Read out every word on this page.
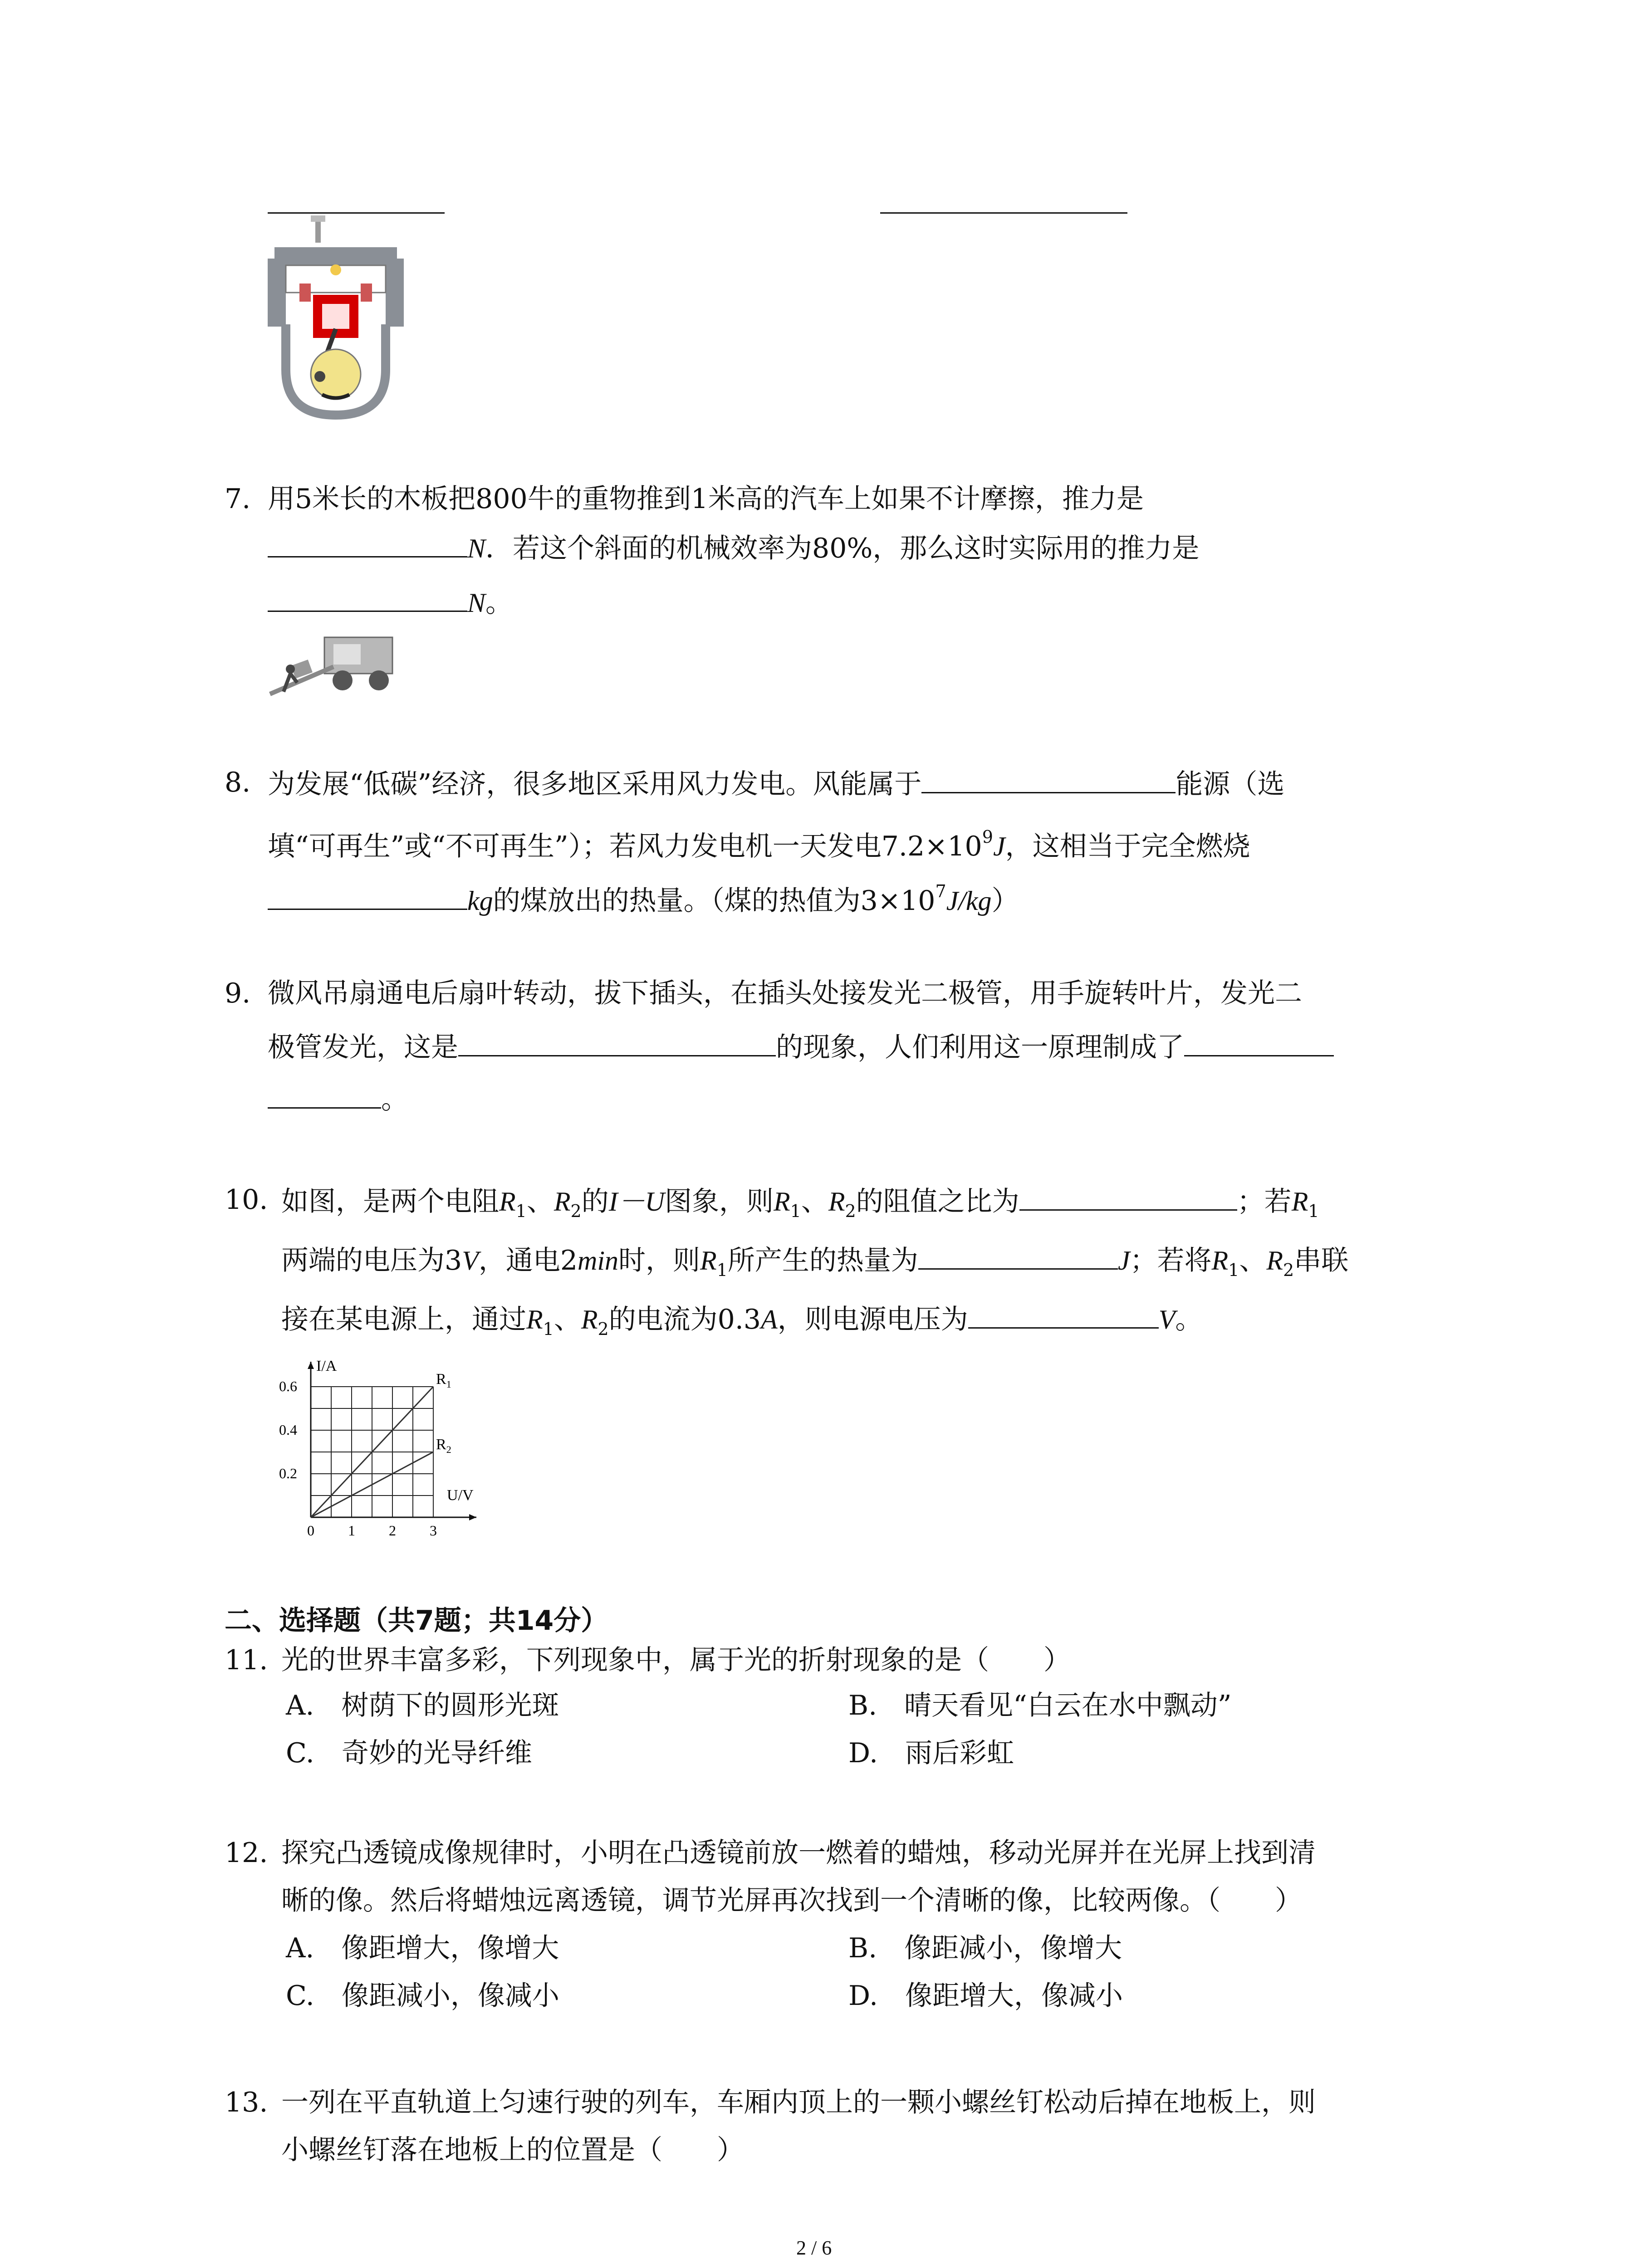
7. 用5米长的木板把800牛的重物推到1米高的汽车上如果不计摩擦，推力是
N．若这个斜面的机械效率为80%，那么这时实际用的推力是
N。
8. 为发展“低碳”经济，很多地区采用风力发电。风能属于	能源（选
填“可再生”或“不可再生”）；若风力发电机一天发电$7.2\times 10^9J$，这相当于完全燃烧
kg的煤放出的热量。（煤的热值为$3\times 10^7J/kg$）
9. 微风吊扇通电后扇叶转动，拔下插头，在插头处接发光二极管，用手旋转叶片，发光二
极管发光，这是	的现象，人们利用这一原理制成了
。
10. 如图，是两个电阻$R_1$、$R_2$的I－U图象，则$R_1$、$R_2$的阻值之比为	；若$R_1$
两端的电压为3V，通电2min时，则$R_1$所产生的热量为	J；若将$R_1$、$R_2$串联
接在某电源上，通过$R_1$、$R_2$的电流为0.3A，则电源电压为	V。
$R_1$
$R_2$
0 1 2 3
0.2
0.4
0.6
I/A
U/V
二、选择题（共7题；共14分）
11. 光的世界丰富多彩，下列现象中，属于光的折射现象的是（　　）
A.　树荫下的圆形光斑	B.　晴天看见“白云在水中飘动”
C.　奇妙的光导纤维	D.　雨后彩虹
12. 探究凸透镜成像规律时，小明在凸透镜前放一燃着的蜡烛，移动光屏并在光屏上找到清
晰的像。然后将蜡烛远离透镜，调节光屏再次找到一个清晰的像，比较两像。（　　）
A.　像距增大，像增大	B.　像距减小，像增大
C.　像距减小，像减小	D.　像距增大，像减小
13. 一列在平直轨道上匀速行驶的列车，车厢内顶上的一颗小螺丝钉松动后掉在地板上，则
小螺丝钉落在地板上的位置是（　　）
2 / 6
